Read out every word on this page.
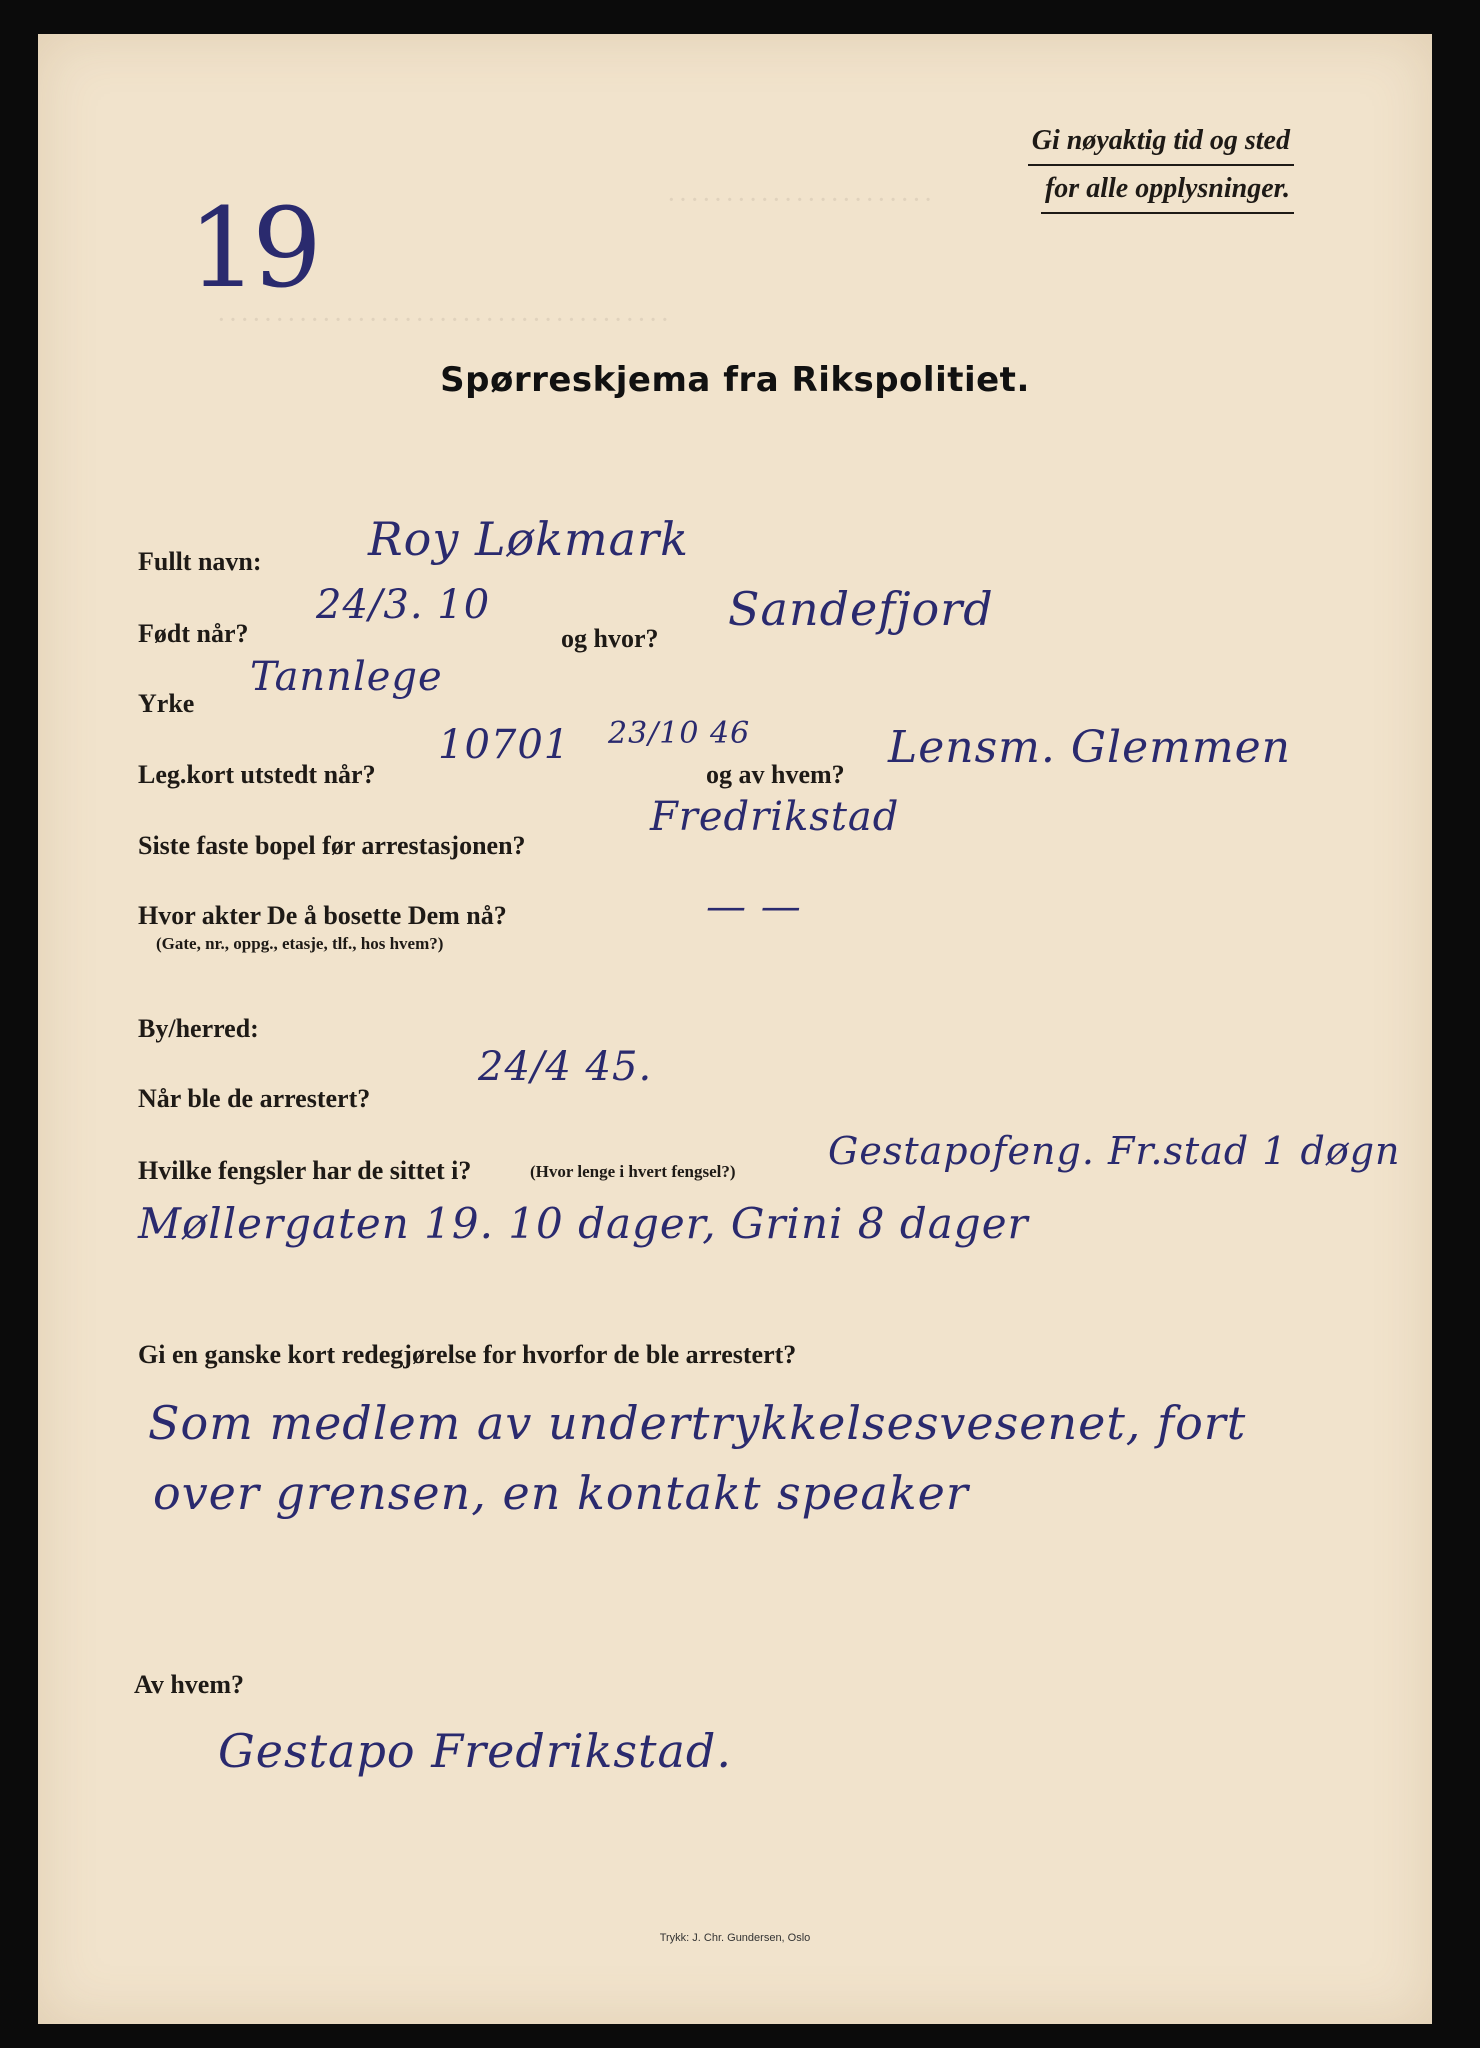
· · · · · · · · · · · · · · · · · · · · · · ·
· · · · · · · · · · · · · · · · · · · · · · · · · · · · · · · · · · · · · · ·
Gi nøyaktig tid og sted
for alle opplysninger.
19
Spørreskjema fra Rikspolitiet.
Fullt navn: Roy Løkmark
Født når?
24/3. 10
og hvor?
Sandefjord
Yrke
Tannlege
Leg.kort utstedt når?
10701 23/10 46
og av hvem?
Lensm. Glemmen
Siste faste bopel før arrestasjonen?
Fredrikstad
Hvor akter De å bosette Dem nå?
(Gate, nr., oppg., etasje, tlf., hos hvem?)
— —
By/herred:
Når ble de arrestert?
24/4 45.
Hvilke fengsler har de sittet i?	(Hvor lenge i hvert fengsel?) Gestapofeng. Fr.stad 1 døgn
Møllergaten 19. 10 dager, Grini 8 dager
Gi en ganske kort redegjørelse for hvorfor de ble arrestert?
Som medlem av undertrykkelsesvesenet, fort
over grensen, en kontakt speaker
Av hvem?
Gestapo Fredrikstad.
Trykk: J. Chr. Gundersen, Oslo
